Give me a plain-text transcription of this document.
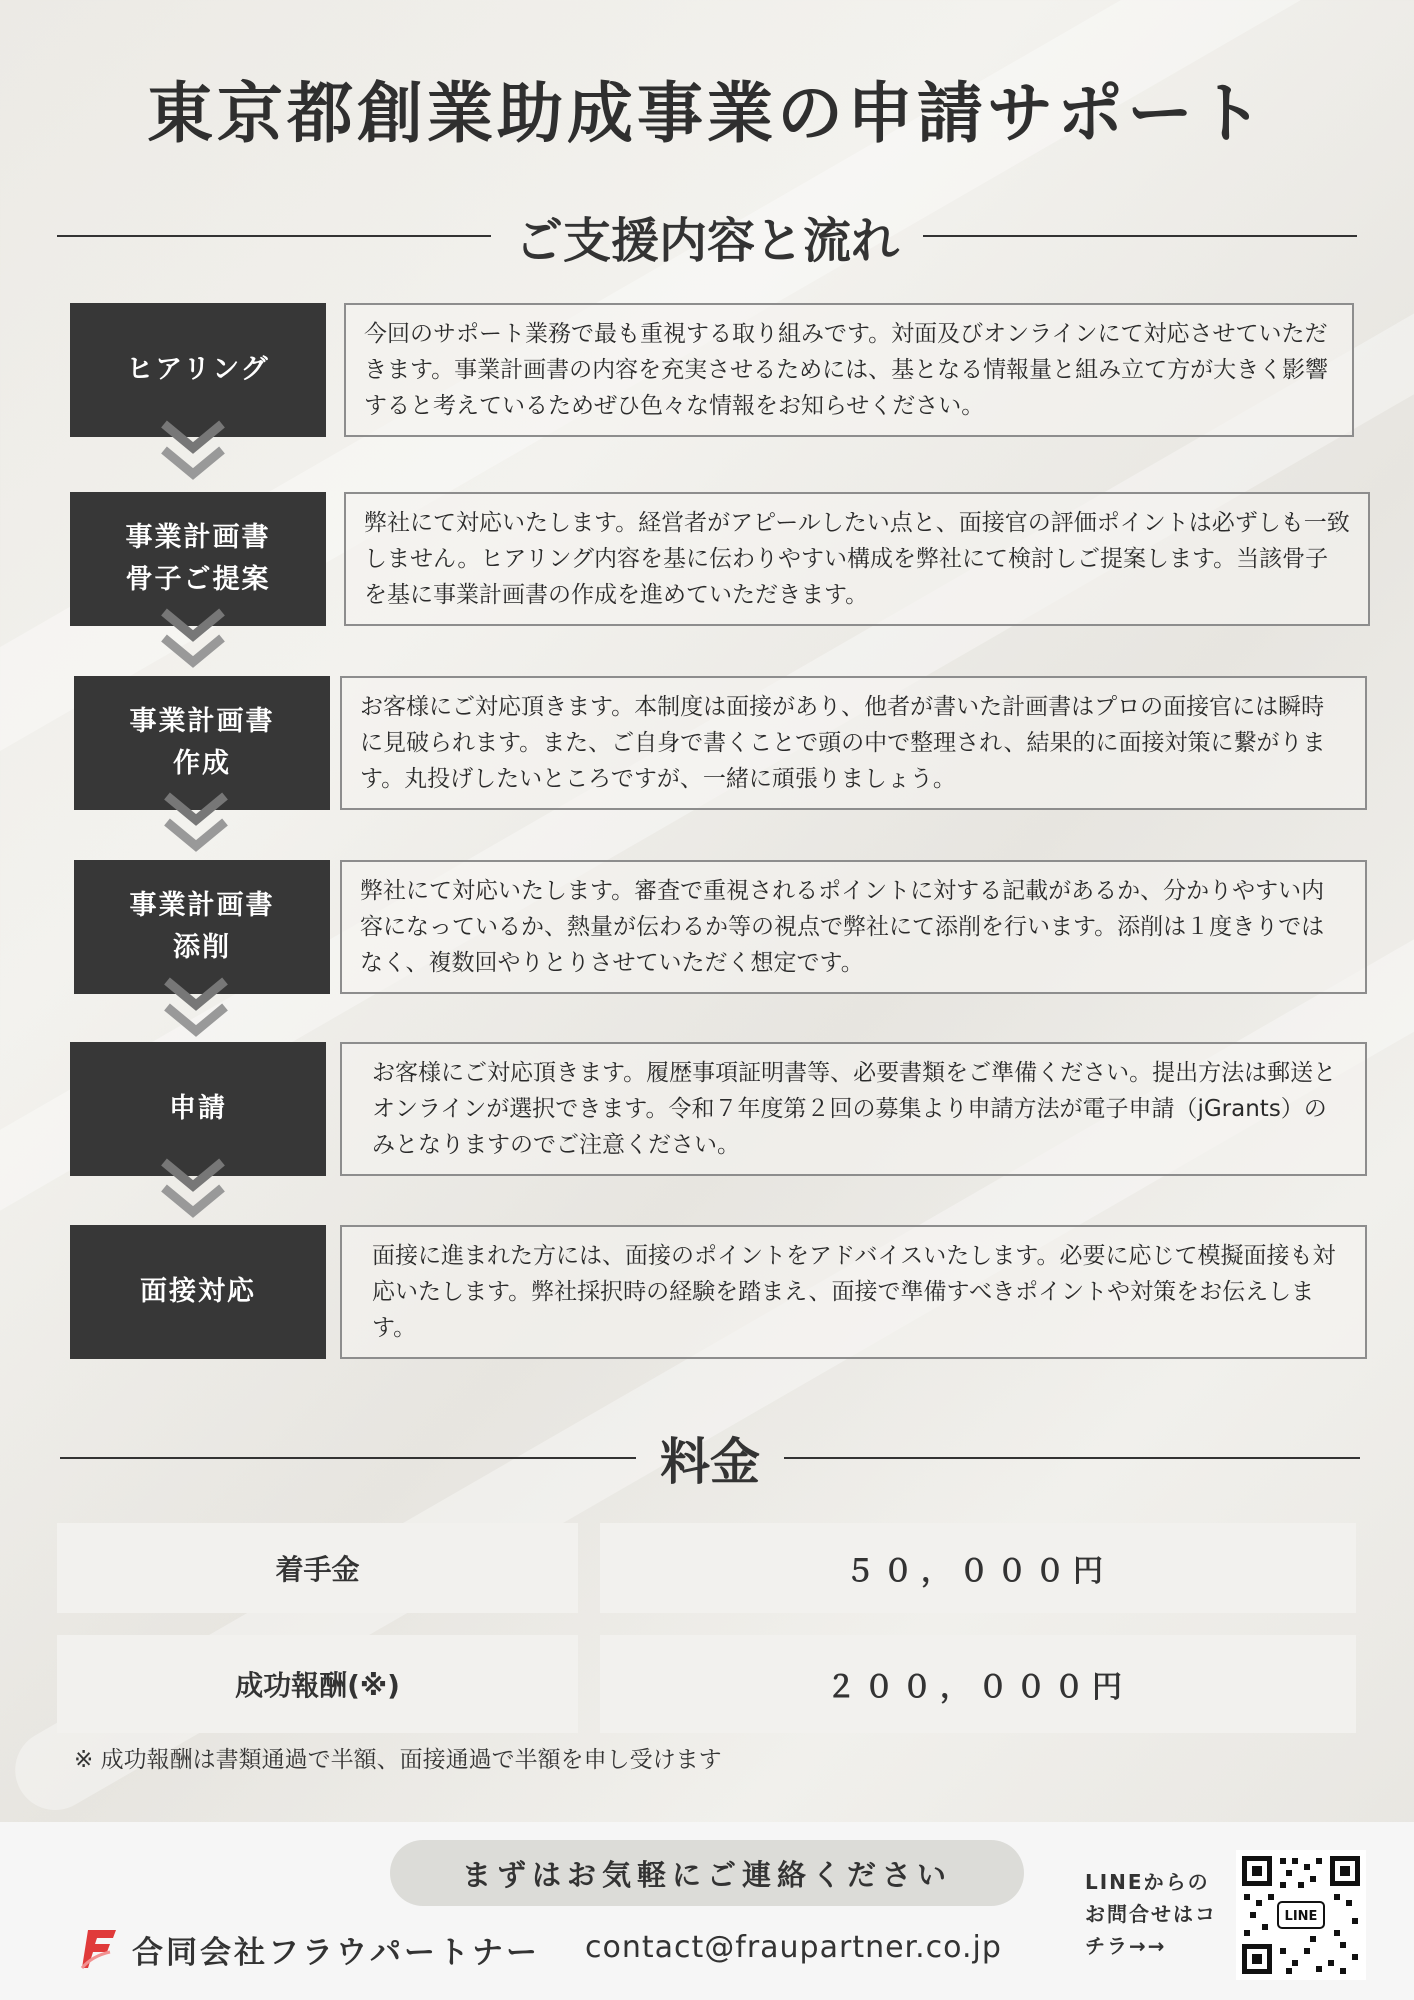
東京都創業助成事業の申請サポート
ご支援内容と流れ
ヒアリング
今回のサポート業務で最も重視する取り組みです。対面及びオンラインにて対応させていただきます。事業計画書の内容を充実させるためには、基となる情報量と組み立て方が大きく影響すると考えているためぜひ色々な情報をお知らせください。
事業計画書
骨子ご提案
弊社にて対応いたします。経営者がアピールしたい点と、面接官の評価ポイントは必ずしも一致しません。ヒアリング内容を基に伝わりやすい構成を弊社にて検討しご提案します。当該骨子を基に事業計画書の作成を進めていただきます。
事業計画書
作成
お客様にご対応頂きます。本制度は面接があり、他者が書いた計画書はプロの面接官には瞬時に見破られます。また、ご自身で書くことで頭の中で整理され、結果的に面接対策に繋がります。丸投げしたいところですが、一緒に頑張りましょう。
事業計画書
添削
弊社にて対応いたします。審査で重視されるポイントに対する記載があるか、分かりやすい内容になっているか、熱量が伝わるか等の視点で弊社にて添削を行います。添削は１度きりではなく、複数回やりとりさせていただく想定です。
申請
お客様にご対応頂きます。履歴事項証明書等、必要書類をご準備ください。提出方法は郵送とオンラインが選択できます。令和７年度第２回の募集より申請方法が電子申請（jGrants）のみとなりますのでご注意ください。
面接対応
面接に進まれた方には、面接のポイントをアドバイスいたします。必要に応じて模擬面接も対応いたします。弊社採択時の経験を踏まえ、面接で準備すべきポイントや対策をお伝えします。
料金
着手金	５０，０００円
成功報酬(※)	２００，０００円
※ 成功報酬は書類通過で半額、面接通過で半額を申し受けます
まずはお気軽にご連絡ください
合同会社フラウパートナー contact@fraupartner.co.jp
LINEからのお問合せはコチラ→→
LINE
